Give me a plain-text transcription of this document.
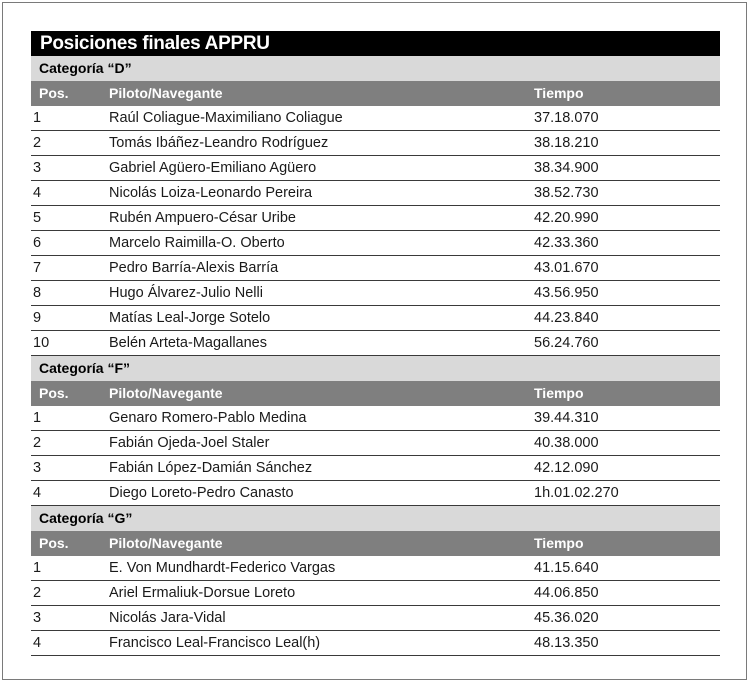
Posiciones finales APPRU
Categoría “D”
Pos.	Piloto/Navegante	Tiempo
1	Raúl Coliague-Maximiliano Coliague	37.18.070
2	Tomás Ibáñez-Leandro Rodríguez	38.18.210
3	Gabriel Agüero-Emiliano Agüero	38.34.900
4	Nicolás Loiza-Leonardo Pereira	38.52.730
5	Rubén Ampuero-César Uribe	42.20.990
6	Marcelo Raimilla-O. Oberto	42.33.360
7	Pedro Barría-Alexis Barría	43.01.670
8	Hugo Álvarez-Julio Nelli	43.56.950
9	Matías Leal-Jorge Sotelo	44.23.840
10	Belén Arteta-Magallanes	56.24.760
Categoría “F”
Pos.	Piloto/Navegante	Tiempo
1	Genaro Romero-Pablo Medina	39.44.310
2	Fabián Ojeda-Joel Staler	40.38.000
3	Fabián López-Damián Sánchez	42.12.090
4	Diego Loreto-Pedro Canasto	1h.01.02.270
Categoría “G”
Pos.	Piloto/Navegante	Tiempo
1	E. Von Mundhardt-Federico Vargas	41.15.640
2	Ariel Ermaliuk-Dorsue Loreto	44.06.850
3	Nicolás Jara-Vidal	45.36.020
4	Francisco Leal-Francisco Leal(h)	48.13.350
